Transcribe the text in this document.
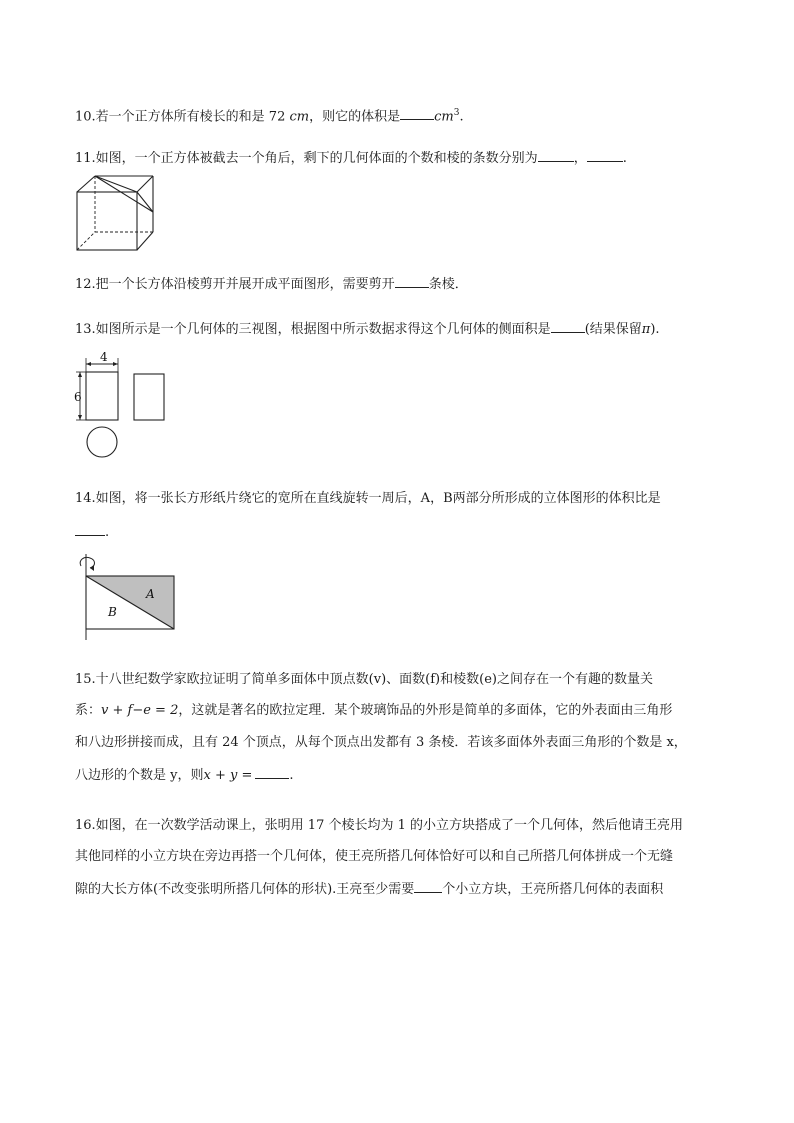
10.若一个正方体所有棱长的和是 72 cm，则它的体积是	$cm^3$.
11.如图，一个正方体被截去一个角后，剩下的几何体面的个数和棱的条数分别为	，	.
12.把一个长方体沿棱剪开并展开成平面图形，需要剪开	条棱．
13.如图所示是一个几何体的三视图，根据图中所示数据求得这个几何体的侧面积是	(结果保留π).
4
6
14.如图，将一张长方形纸片绕它的宽所在直线旋转一周后，A，B两部分所形成的立体图形的体积比是
.
A
B
15.十八世纪数学家欧拉证明了简单多面体中顶点数(v)、面数(f)和棱数(e)之间存在一个有趣的数量关
系：v + f−e = 2，这就是著名的欧拉定理．某个玻璃饰品的外形是简单的多面体，它的外表面由三角形
和八边形拼接而成，且有 24 个顶点，从每个顶点出发都有 3 条棱．若该多面体外表面三角形的个数是 x，
八边形的个数是 y，则x + y =	.
16.如图，在一次数学活动课上，张明用 17 个棱长均为 1 的小立方块搭成了一个几何体，然后他请王亮用
其他同样的小立方块在旁边再搭一个几何体，使王亮所搭几何体恰好可以和自己所搭几何体拼成一个无缝
隙的大长方体(不改变张明所搭几何体的形状).王亮至少需要 个小立方块，王亮所搭几何体的表面积
